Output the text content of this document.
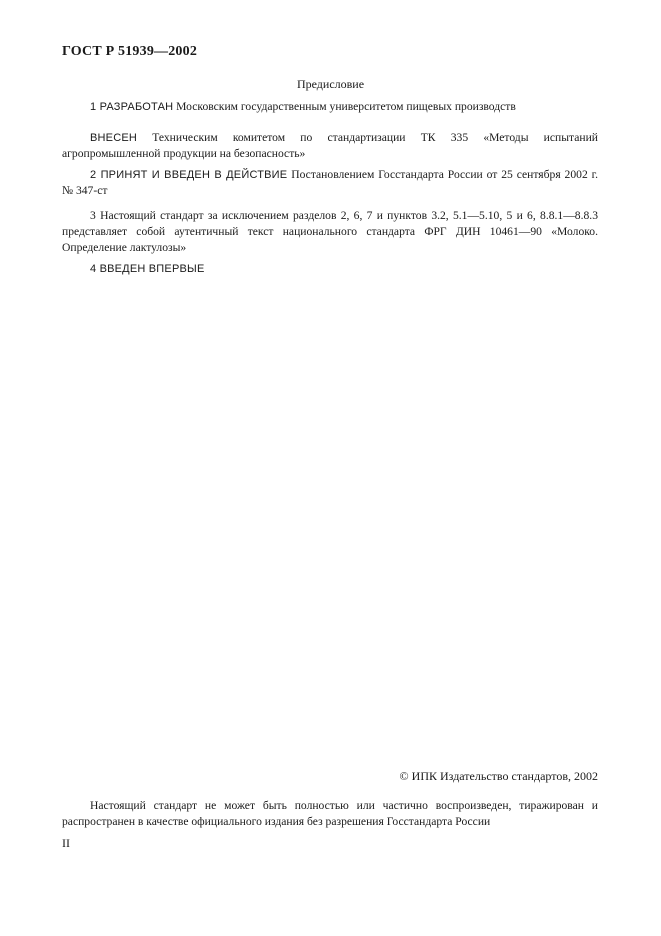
ГОСТ Р 51939—2002
Предисловие

1 РАЗРАБОТАН Московским государственным университетом пищевых производств

ВНЕСЕН Техническим комитетом по стандартизации ТК 335 «Методы испытаний агропромышленной продукции на безопасность»

2 ПРИНЯТ И ВВЕДЕН В ДЕЙСТВИЕ Постановлением Госстандарта России от 25 сентября 2002 г. № 347-ст

3 Настоящий стандарт за исключением разделов 2, 6, 7 и пунктов 3.2, 5.1—5.10, 5 и 6, 8.8.1—8.8.3 представляет собой аутентичный текст национального стандарта ФРГ ДИН 10461—90 «Молоко. Определение лактулозы»

4 ВВЕДЕН ВПЕРВЫЕ

© ИПК Издательство стандартов, 2002

Настоящий стандарт не может быть полностью или частично воспроизведен, тиражирован и распространен в качестве официального издания без разрешения Госстандарта России

II
